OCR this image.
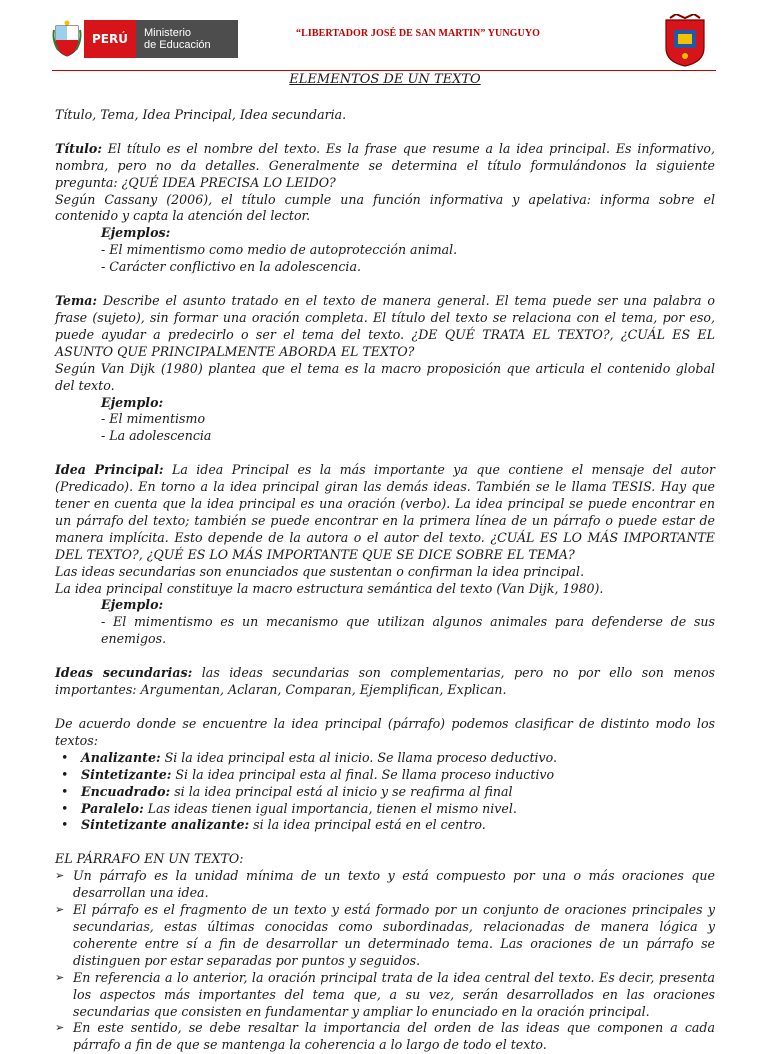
PERÚ	Ministerio
de Educación
“LIBERTADOR JOSÉ DE SAN MARTIN” YUNGUYO
ELEMENTOS DE UN TEXTO

Título, Tema, Idea Principal, Idea secundaria.

Título: El título es el nombre del texto. Es la frase que resume a la idea principal. Es informativo, nombra, pero no da detalles. Generalmente se determina el título formulándonos la siguiente pregunta: ¿QUÉ IDEA PRECISA LO LEIDO?

Según Cassany (2006), el título cumple una función informativa y apelativa: informa sobre el contenido y capta la atención del lector.

Ejemplos:

- El mimentismo como medio de autoprotección animal.

- Carácter conflictivo en la adolescencia.

Tema: Describe el asunto tratado en el texto de manera general. El tema puede ser una palabra o frase (sujeto), sin formar una oración completa. El título del texto se relaciona con el tema, por eso, puede ayudar a predecirlo o ser el tema del texto. ¿DE QUÉ TRATA EL TEXTO?, ¿CUÁL ES EL ASUNTO QUE PRINCIPALMENTE ABORDA EL TEXTO?

Según Van Dijk (1980) plantea que el tema es la macro proposición que articula el contenido global del texto.

Ejemplo:

- El mimentismo

- La adolescencia

Idea Principal: La idea Principal es la más importante ya que contiene el mensaje del autor (Predicado). En torno a la idea principal giran las demás ideas. También se le llama TESIS. Hay que tener en cuenta que la idea principal es una oración (verbo). La idea principal se puede encontrar en un párrafo del texto; también se puede encontrar en la primera línea de un párrafo o puede estar de manera implícita. Esto depende de la autora o el autor del texto. ¿CUÁL ES LO MÁS IMPORTANTE DEL TEXTO?, ¿QUÉ ES LO MÁS IMPORTANTE QUE SE DICE SOBRE EL TEMA?

Las ideas secundarias son enunciados que sustentan o confirman la idea principal.

La idea principal constituye la macro estructura semántica del texto (Van Dijk, 1980).

Ejemplo:

- El mimentismo es un mecanismo que utilizan algunos animales para defenderse de sus enemigos.

Ideas secundarias: las ideas secundarias son complementarias, pero no por ello son menos importantes: Argumentan, Aclaran, Comparan, Ejemplifican, Explican.

De acuerdo donde se encuentre la idea principal (párrafo) podemos clasificar de distinto modo los textos:

• Analizante: Si la idea principal esta al inicio. Se llama proceso deductivo.
• Sintetizante: Si la idea principal esta al final. Se llama proceso inductivo
• Encuadrado: si la idea principal está al inicio y se reafirma al final
• Paralelo: Las ideas tienen igual importancia, tienen el mismo nivel.
• Sintetizante analizante: si la idea principal está en el centro.

EL PÁRRAFO EN UN TEXTO:

➢ Un párrafo es la unidad mínima de un texto y está compuesto por una o más oraciones que desarrollan una idea.
➢ El párrafo es el fragmento de un texto y está formado por un conjunto de oraciones principales y secundarias, estas últimas conocidas como subordinadas, relacionadas de manera lógica y coherente entre sí a fin de desarrollar un determinado tema. Las oraciones de un párrafo se distinguen por estar separadas por puntos y seguidos.
➢ En referencia a lo anterior, la oración principal trata de la idea central del texto. Es decir, presenta los aspectos más importantes del tema que, a su vez, serán desarrollados en las oraciones secundarias que consisten en fundamentar y ampliar lo enunciado en la oración principal.
➢ En este sentido, se debe resaltar la importancia del orden de las ideas que componen a cada párrafo a fin de que se mantenga la coherencia a lo largo de todo el texto.
